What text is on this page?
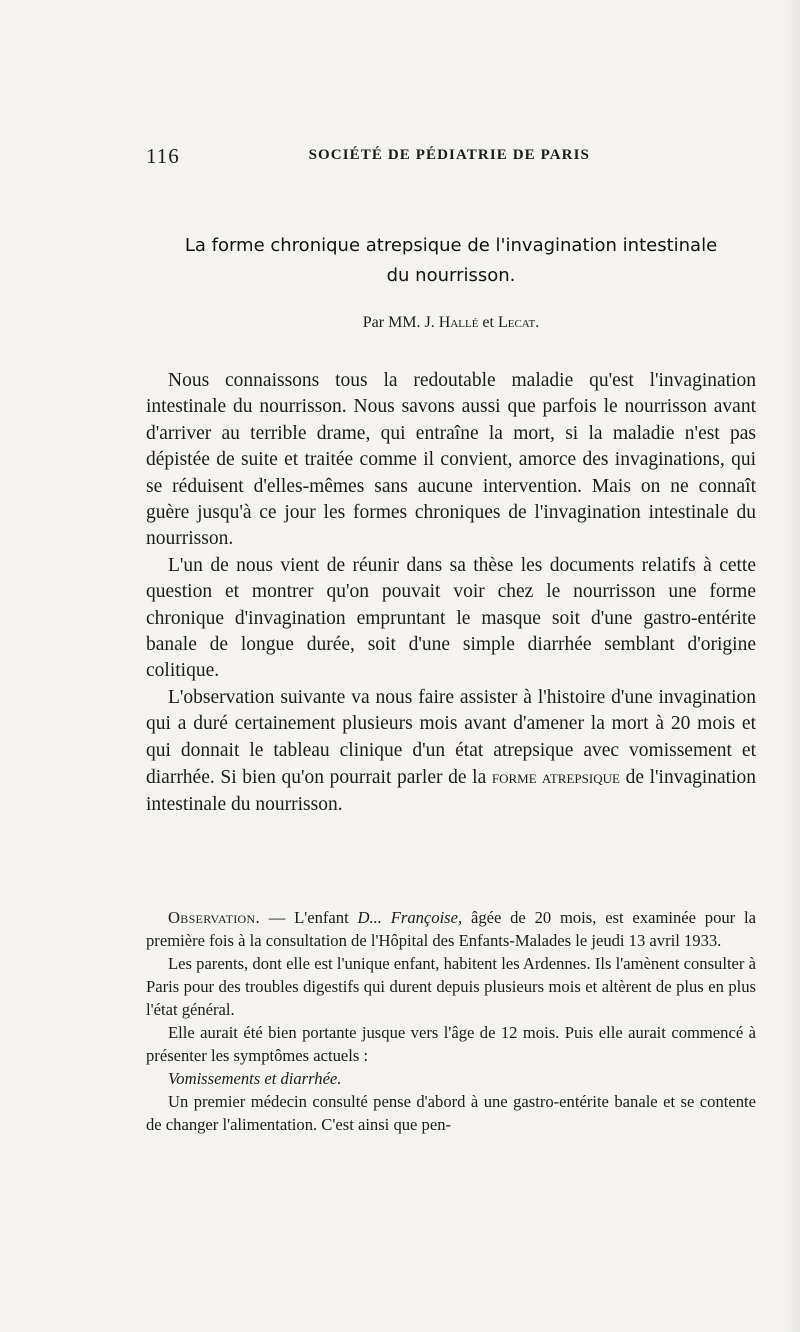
116	SOCIÉTÉ DE PÉDIATRIE DE PARIS
La forme chronique atrepsique de l'invagination intestinale
du nourrisson.
Par MM. J. Hallé et Lecat.

Nous connaissons tous la redoutable maladie qu'est l'invagination intestinale du nourrisson. Nous savons aussi que parfois le nourrisson avant d'arriver au terrible drame, qui entraîne la mort, si la maladie n'est pas dépistée de suite et traitée comme il convient, amorce des invaginations, qui se réduisent d'elles-mêmes sans aucune intervention. Mais on ne connaît guère jusqu'à ce jour les formes chroniques de l'invagination intestinale du nourrisson.

L'un de nous vient de réunir dans sa thèse les documents relatifs à cette question et montrer qu'on pouvait voir chez le nourrisson une forme chronique d'invagination empruntant le masque soit d'une gastro-entérite banale de longue durée, soit d'une simple diarrhée semblant d'origine colitique.

L'observation suivante va nous faire assister à l'histoire d'une invagination qui a duré certainement plusieurs mois avant d'amener la mort à 20 mois et qui donnait le tableau clinique d'un état atrepsique avec vomissement et diarrhée. Si bien qu'on pourrait parler de la forme atrepsique de l'invagination intestinale du nourrisson.

Observation. — L'enfant D... Françoise, âgée de 20 mois, est examinée pour la première fois à la consultation de l'Hôpital des Enfants-Malades le jeudi 13 avril 1933.

Les parents, dont elle est l'unique enfant, habitent les Ardennes. Ils l'amènent consulter à Paris pour des troubles digestifs qui durent depuis plusieurs mois et altèrent de plus en plus l'état général.

Elle aurait été bien portante jusque vers l'âge de 12 mois. Puis elle aurait commencé à présenter les symptômes actuels :

Vomissements et diarrhée.

Un premier médecin consulté pense d'abord à une gastro-entérite banale et se contente de changer l'alimentation. C'est ainsi que pen-
